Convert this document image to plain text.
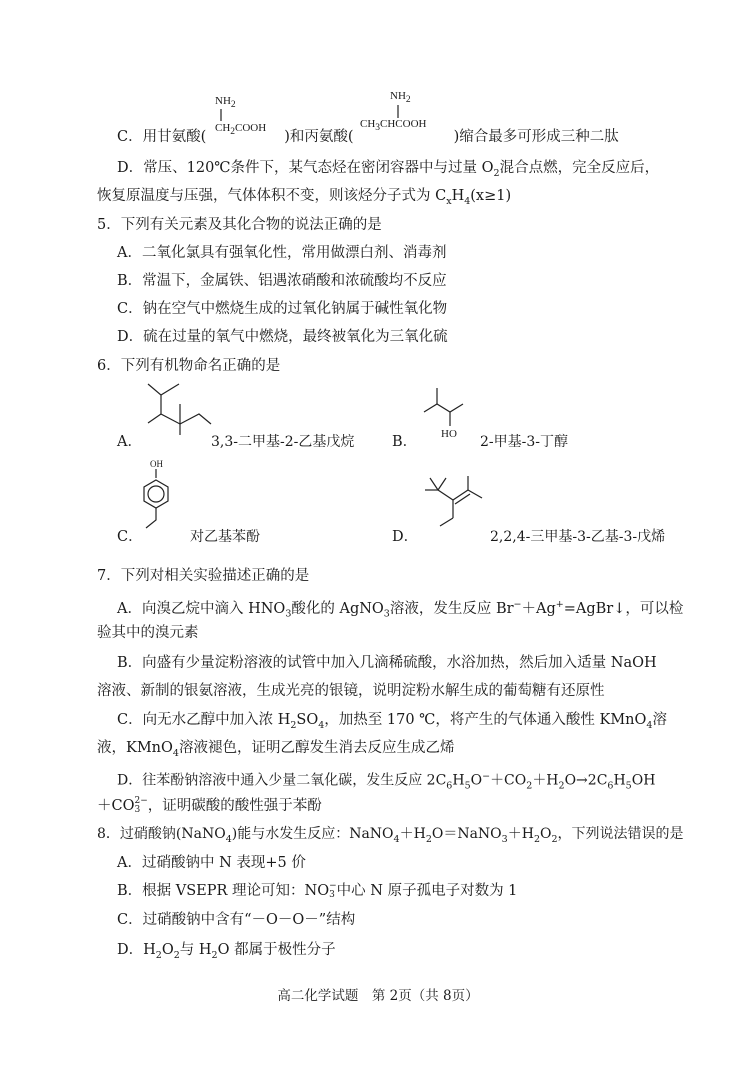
$NH_2$
$CH_2COOH$
$NH_2$
$CH_3CHCOOH$
C．用甘氨酸(	)和丙氨酸(	)缩合最多可形成三种二肽
D．常压、120℃条件下，某气态烃在密闭容器中与过量 $O_2$混合点燃，完全反应后，
恢复原温度与压强，气体体积不变，则该烃分子式为 $C_xH_4(x\ge 1)$
5．下列有关元素及其化合物的说法正确的是
A．二氧化氯具有强氧化性，常用做漂白剂、消毒剂
B．常温下，金属铁、铝遇浓硝酸和浓硫酸均不反应
C．钠在空气中燃烧生成的过氧化钠属于碱性氧化物
D．硫在过量的氧气中燃烧，最终被氧化为三氧化硫
6．下列有机物命名正确的是
A．	3,3-二甲基-2-乙基戊烷	B． HO 2-甲基-3-丁醇
C．
OH
对乙基苯酚	D．	2,2,4-三甲基-3-乙基-3-戊烯
7．下列对相关实验描述正确的是
A．向溴乙烷中滴入 $HNO_3$酸化的 AgNO$_3$溶液，发生反应 Br−＋Ag+=AgBr↓，可以检
验其中的溴元素
B．向盛有少量淀粉溶液的试管中加入几滴稀硫酸，水浴加热，然后加入适量 NaOH
溶液、新制的银氨溶液，生成光亮的银镜，说明淀粉水解生成的葡萄糖有还原性
C．向无水乙醇中加入浓 $H_2SO_4$，加热至 170 ℃，将产生的气体通入酸性 KMnO$_4$溶
液，KMnO$_4$溶液褪色，证明乙醇发生消去反应生成乙烯
D．往苯酚钠溶液中通入少量二氧化碳，发生反应 $2C_6H_5O^-+CO_2+H_2O\to 2C_6H_5OH$
＋CO 2−
3 ，证明碳酸的酸性强于苯酚
8．过硝酸钠(NaNO$_4$)能与水发生反应：$NaNO_4+H_2O=NaNO_3+H_2O_2$，下列说法错误的是
A．过硝酸钠中 N 表现+5 价
B．根据 VSEPR 理论可知：NO −
3 中心 N 原子孤电子对数为 1
C．过硝酸钠中含有“－O－O－”结构
D．$H_2O_2$与 $H_2O$ 都属于极性分子
高二化学试题　第 2页（共 8页）
